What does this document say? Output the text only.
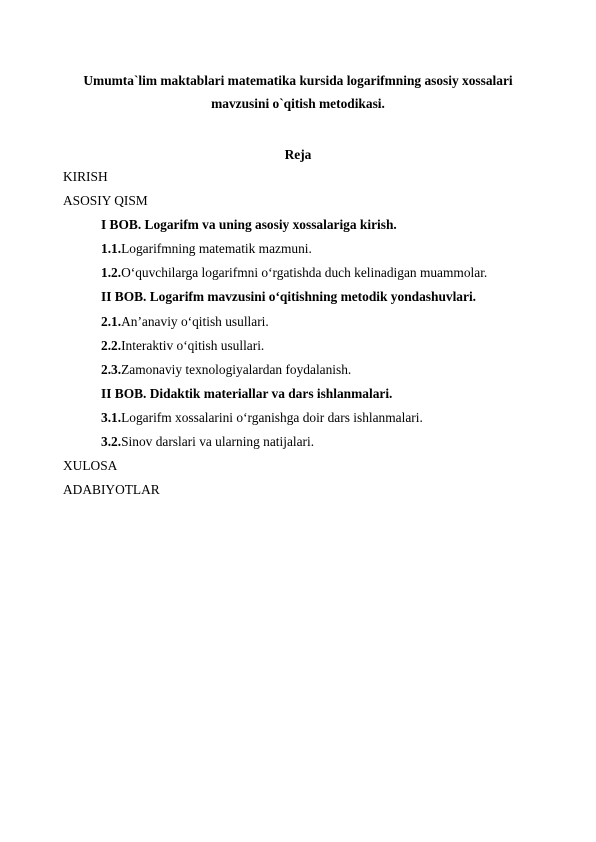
Umumta`lim maktablari matematika kursida logarifmning asosiy xossalari
mavzusini o`qitish metodikasi.
Reja
KIRISH
ASOSIY QISM
I BOB. Logarifm va uning asosiy xossalariga kirish.
1.1.Logarifmning matematik mazmuni.
1.2.O‘quvchilarga logarifmni o‘rgatishda duch kelinadigan muammolar.
II BOB. Logarifm mavzusini o‘qitishning metodik yondashuvlari.
2.1.An’anaviy o‘qitish usullari.
2.2.Interaktiv o‘qitish usullari.
2.3.Zamonaviy texnologiyalardan foydalanish.
II BOB. Didaktik materiallar va dars ishlanmalari.
3.1.Logarifm xossalarini o‘rganishga doir dars ishlanmalari.
3.2.Sinov darslari va ularning natijalari.
XULOSA
ADABIYOTLAR
